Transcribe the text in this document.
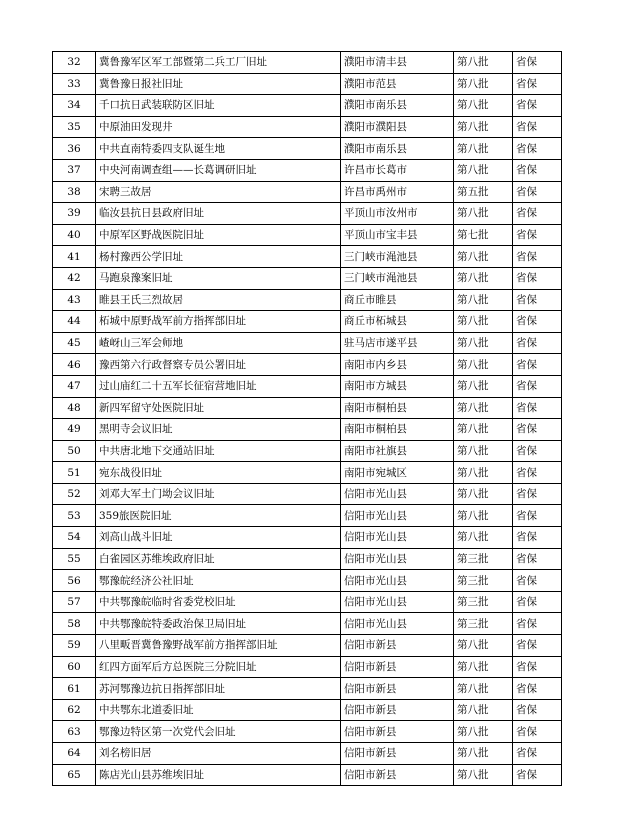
32	冀鲁豫军区军工部暨第二兵工厂旧址	濮阳市清丰县	第八批	省保
33	冀鲁豫日报社旧址	濮阳市范县	第八批	省保
34	千口抗日武装联防区旧址	濮阳市南乐县	第八批	省保
35	中原油田发现井	濮阳市濮阳县	第八批	省保
36	中共直南特委四支队诞生地	濮阳市南乐县	第八批	省保
37	中央河南调查组——长葛调研旧址	许昌市长葛市	第八批	省保
38	宋聘三故居	许昌市禹州市	第五批	省保
39	临汝县抗日县政府旧址	平顶山市汝州市	第八批	省保
40	中原军区野战医院旧址	平顶山市宝丰县	第七批	省保
41	杨村豫西公学旧址	三门峡市渑池县	第八批	省保
42	马跑泉豫案旧址	三门峡市渑池县	第八批	省保
43	睢县王氏三烈故居	商丘市睢县	第八批	省保
44	柘城中原野战军前方指挥部旧址	商丘市柘城县	第八批	省保
45	嵖岈山三军会师地	驻马店市遂平县	第八批	省保
46	豫西第六行政督察专员公署旧址	南阳市内乡县	第八批	省保
47	过山庙红二十五军长征宿营地旧址	南阳市方城县	第八批	省保
48	新四军留守处医院旧址	南阳市桐柏县	第八批	省保
49	黑明寺会议旧址	南阳市桐柏县	第八批	省保
50	中共唐北地下交通站旧址	南阳市社旗县	第八批	省保
51	宛东战役旧址	南阳市宛城区	第八批	省保
52	刘邓大军土门坳会议旧址	信阳市光山县	第八批	省保
53	359旅医院旧址	信阳市光山县	第八批	省保
54	刘高山战斗旧址	信阳市光山县	第八批	省保
55	白雀园区苏维埃政府旧址	信阳市光山县	第三批	省保
56	鄂豫皖经济公社旧址	信阳市光山县	第三批	省保
57	中共鄂豫皖临时省委党校旧址	信阳市光山县	第三批	省保
58	中共鄂豫皖特委政治保卫局旧址	信阳市光山县	第三批	省保
59	八里畈晋冀鲁豫野战军前方指挥部旧址	信阳市新县	第八批	省保
60	红四方面军后方总医院三分院旧址	信阳市新县	第八批	省保
61	苏河鄂豫边抗日指挥部旧址	信阳市新县	第八批	省保
62	中共鄂东北道委旧址	信阳市新县	第八批	省保
63	鄂豫边特区第一次党代会旧址	信阳市新县	第八批	省保
64	刘名榜旧居	信阳市新县	第八批	省保
65	陈店光山县苏维埃旧址	信阳市新县	第八批	省保
